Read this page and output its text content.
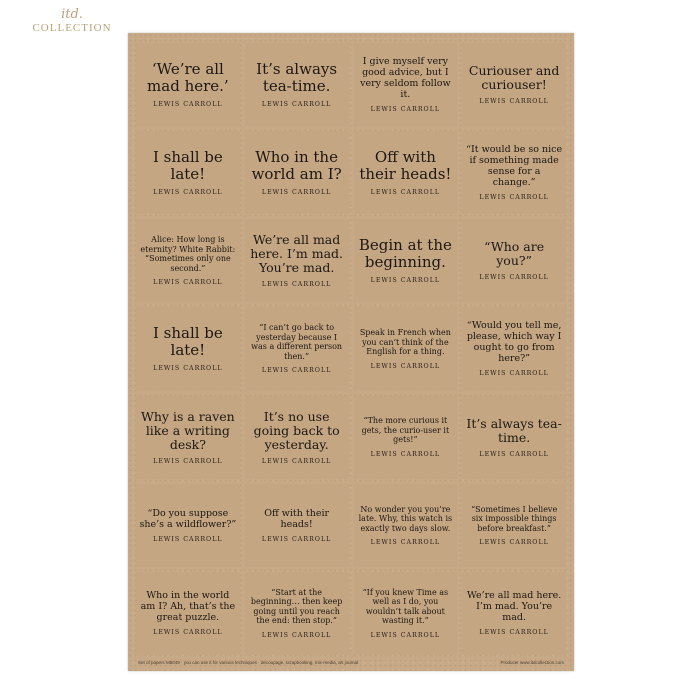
itd.
COLLECTION
‘We’re all mad here.’
LEWIS CARROLL
It’s always tea-time.
LEWIS CARROLL
I give myself very good advice, but I very seldom follow it.
LEWIS CARROLL
Curiouser and curiouser!
LEWIS CARROLL
I shall be late!
LEWIS CARROLL
Who in the world am I?
LEWIS CARROLL
Off with their heads!
LEWIS CARROLL
“It would be so nice if something made sense for a change.”
LEWIS CARROLL
Alice: How long is eternity? White Rabbit: “Sometimes only one second.”
LEWIS CARROLL
We’re all mad here. I’m mad. You’re mad.
LEWIS CARROLL
Begin at the beginning.
LEWIS CARROLL
“Who are you?”
LEWIS CARROLL
I shall be late!
LEWIS CARROLL
“I can’t go back to yesterday because I was a different person then.”
LEWIS CARROLL
Speak in French when you can’t think of the English for a thing.
LEWIS CARROLL
“Would you tell me, please, which way I ought to go from here?”
LEWIS CARROLL
Why is a raven like a writing desk?
LEWIS CARROLL
It’s no use going back to yesterday.
LEWIS CARROLL
“The more curious it gets, the curio-user it gets!”
LEWIS CARROLL
It’s always tea-time.
LEWIS CARROLL
“Do you suppose she’s a wildflower?”
LEWIS CARROLL
Off with their heads!
LEWIS CARROLL
No wonder you you’re late. Why, this watch is exactly two days slow.
LEWIS CARROLL
“Sometimes I believe six impossible things before breakfast.”
LEWIS CARROLL
Who in the world am I? Ah, that’s the great puzzle.
LEWIS CARROLL
“Start at the beginning… then keep going until you reach the end: then stop.”
LEWIS CARROLL
“If you knew Time as well as I do, you wouldn’t talk about wasting it.”
LEWIS CARROLL
We’re all mad here. I’m mad. You’re mad.
LEWIS CARROLL
Set of papers M5049 · you can use it for various techniques · decoupage, scrapbooking, mix-media, art journal	Producer www.itdcollection.com
